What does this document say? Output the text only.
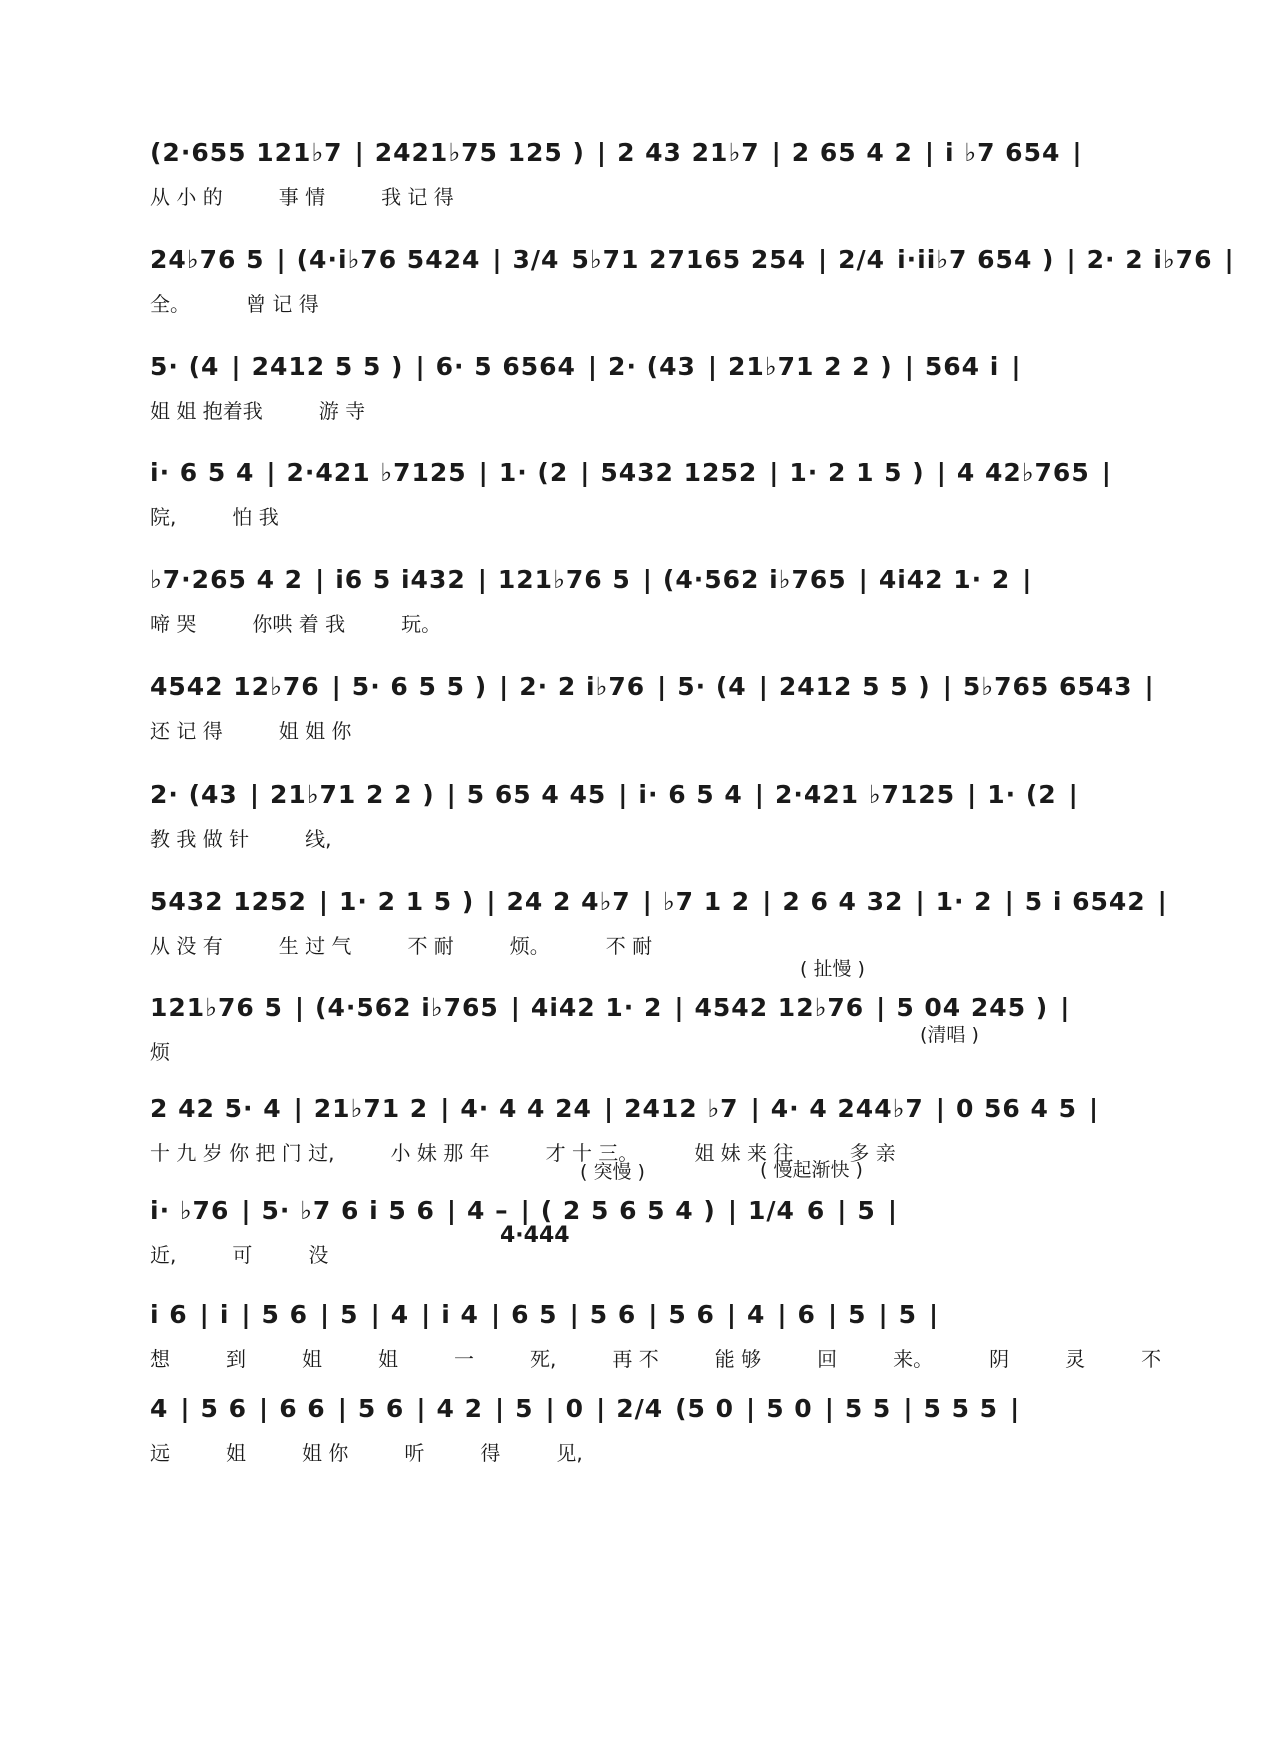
(2·655 121♭7 | 2421♭75 125 ) | 2 43 21♭7 | 2 65 4 2 | i ♭7 654 |
从 小 的	事 情	我 记 得
24♭76 5 | (4·i♭76 5424 | 3/4 5♭71 27165 254 | 2/4 i·ii♭7 654 ) | 2· 2 i♭76 |
全。	曾 记 得
5· (4 | 2412 5 5 ) | 6· 5 6564 | 2· (43 | 21♭71 2 2 ) | 564 i |
姐 姐 抱着我	游 寺
i· 6 5 4 | 2·421 ♭7125 | 1· (2 | 5432 1252 | 1· 2 1 5 ) | 4 42♭765 |
院,	怕 我
♭7·265 4 2 | i6 5 i432 | 121♭76 5 | (4·562 i♭765 | 4i42 1· 2 |
啼 哭	你哄 着 我	玩。
4542 12♭76 | 5· 6 5 5 ) | 2· 2 i♭76 | 5· (4 | 2412 5 5 ) | 5♭765 6543 |
还 记 得	姐 姐 你
2· (43 | 21♭71 2 2 ) | 5 65 4 45 | i· 6 5 4 | 2·421 ♭7125 | 1· (2 |
教 我 做 针	线,
5432 1252 | 1· 2 1 5 ) | 24 2 4♭7 | ♭7 1 2 | 2 6 4 32 | 1· 2 | 5 i 6542 |
从 没 有	生 过 气	不 耐	烦。	不 耐
121♭76 5 | (4·562 i♭765 | 4i42 1· 2 | 4542 12♭76 | 5 04 245 ) |
烦
( 扯慢 )
(清唱 )
2 42 5· 4 | 21♭71 2 | 4· 4 4 24 | 2412 ♭7 | 4· 4 244♭7 | 0 56 4 5 |
十 九 岁 你 把 门 过,	小 妹 那 年	才 十 三。	姐 妹 来 往	多 亲
i· ♭76 | 5· ♭7 6 i 5 6 | 4 – | ( 2 5 6 5 4 ) | 1/4 6 | 5 |
近,	可	没
( 突慢 )	( 慢起渐快 )
4·444
i 6 | i | 5 6 | 5 | 4 | i 4 | 6 5 | 5 6 | 5 6 | 4 | 6 | 5 | 5 |
想	到	姐	姐	一	死,	再 不	能 够	回	来。	阴	灵	不
4 | 5 6 | 6 6 | 5 6 | 4 2 | 5 | 0 | 2/4 (5 0 | 5 0 | 5 5 | 5 5 5 |
远	姐	姐 你	听	得	见,
